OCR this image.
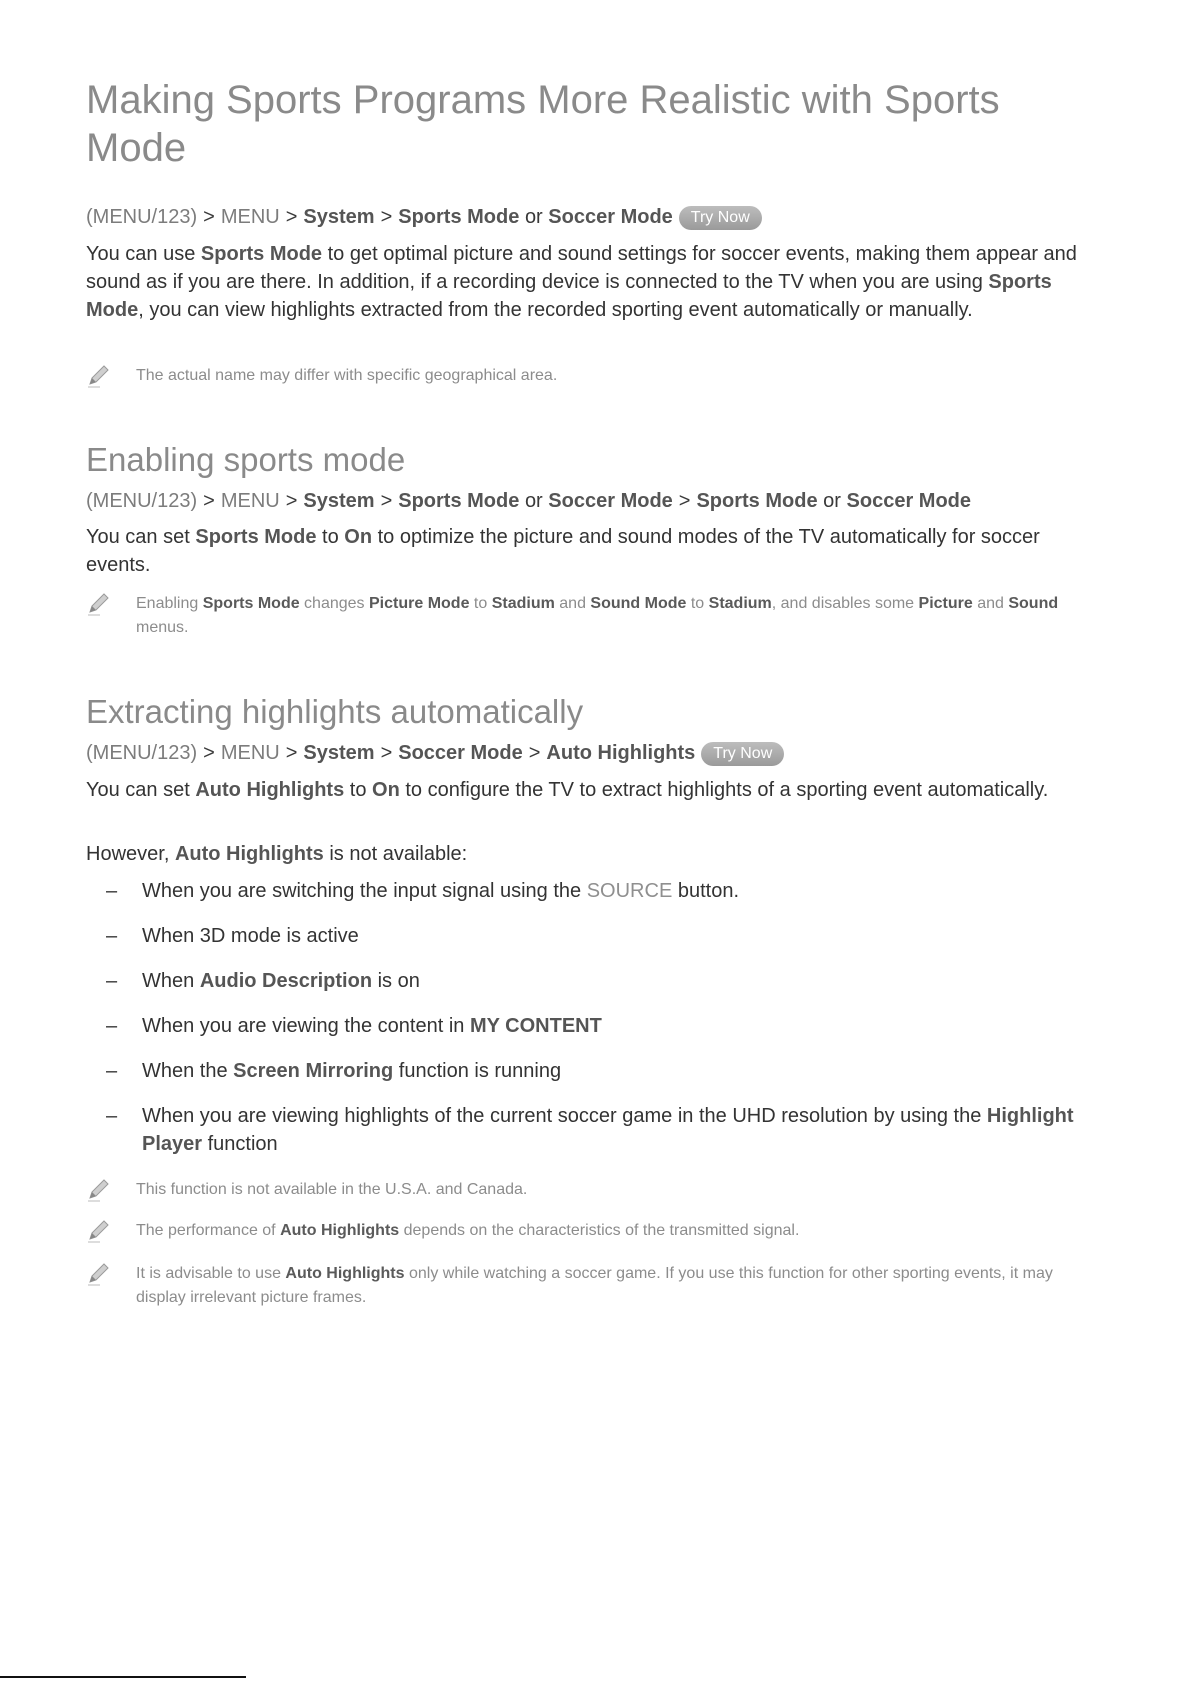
Making Sports Programs More Realistic with Sports Mode
(MENU/123) > MENU > System > Sports Mode or Soccer Mode Try Now

You can use Sports Mode to get optimal picture and sound settings for soccer events, making them appear and sound as if you are there. In addition, if a recording device is connected to the TV when you are using Sports Mode, you can view highlights extracted from the recorded sporting event automatically or manually.

The actual name may differ with specific geographical area.
Enabling sports mode
(MENU/123) > MENU > System > Sports Mode or Soccer Mode > Sports Mode or Soccer Mode

You can set Sports Mode to On to optimize the picture and sound modes of the TV automatically for soccer events.

Enabling Sports Mode changes Picture Mode to Stadium and Sound Mode to Stadium, and disables some Picture and Sound menus.
Extracting highlights automatically
(MENU/123) > MENU > System > Soccer Mode > Auto Highlights Try Now

You can set Auto Highlights to On to configure the TV to extract highlights of a sporting event automatically.

However, Auto Highlights is not available:

– When you are switching the input signal using the SOURCE button.
– When 3D mode is active
– When Audio Description is on
– When you are viewing the content in MY CONTENT
– When the Screen Mirroring function is running
– When you are viewing highlights of the current soccer game in the UHD resolution by using the Highlight Player function
This function is not available in the U.S.A. and Canada.
The performance of Auto Highlights depends on the characteristics of the transmitted signal.
It is advisable to use Auto Highlights only while watching a soccer game. If you use this function for other sporting events, it may display irrelevant picture frames.
